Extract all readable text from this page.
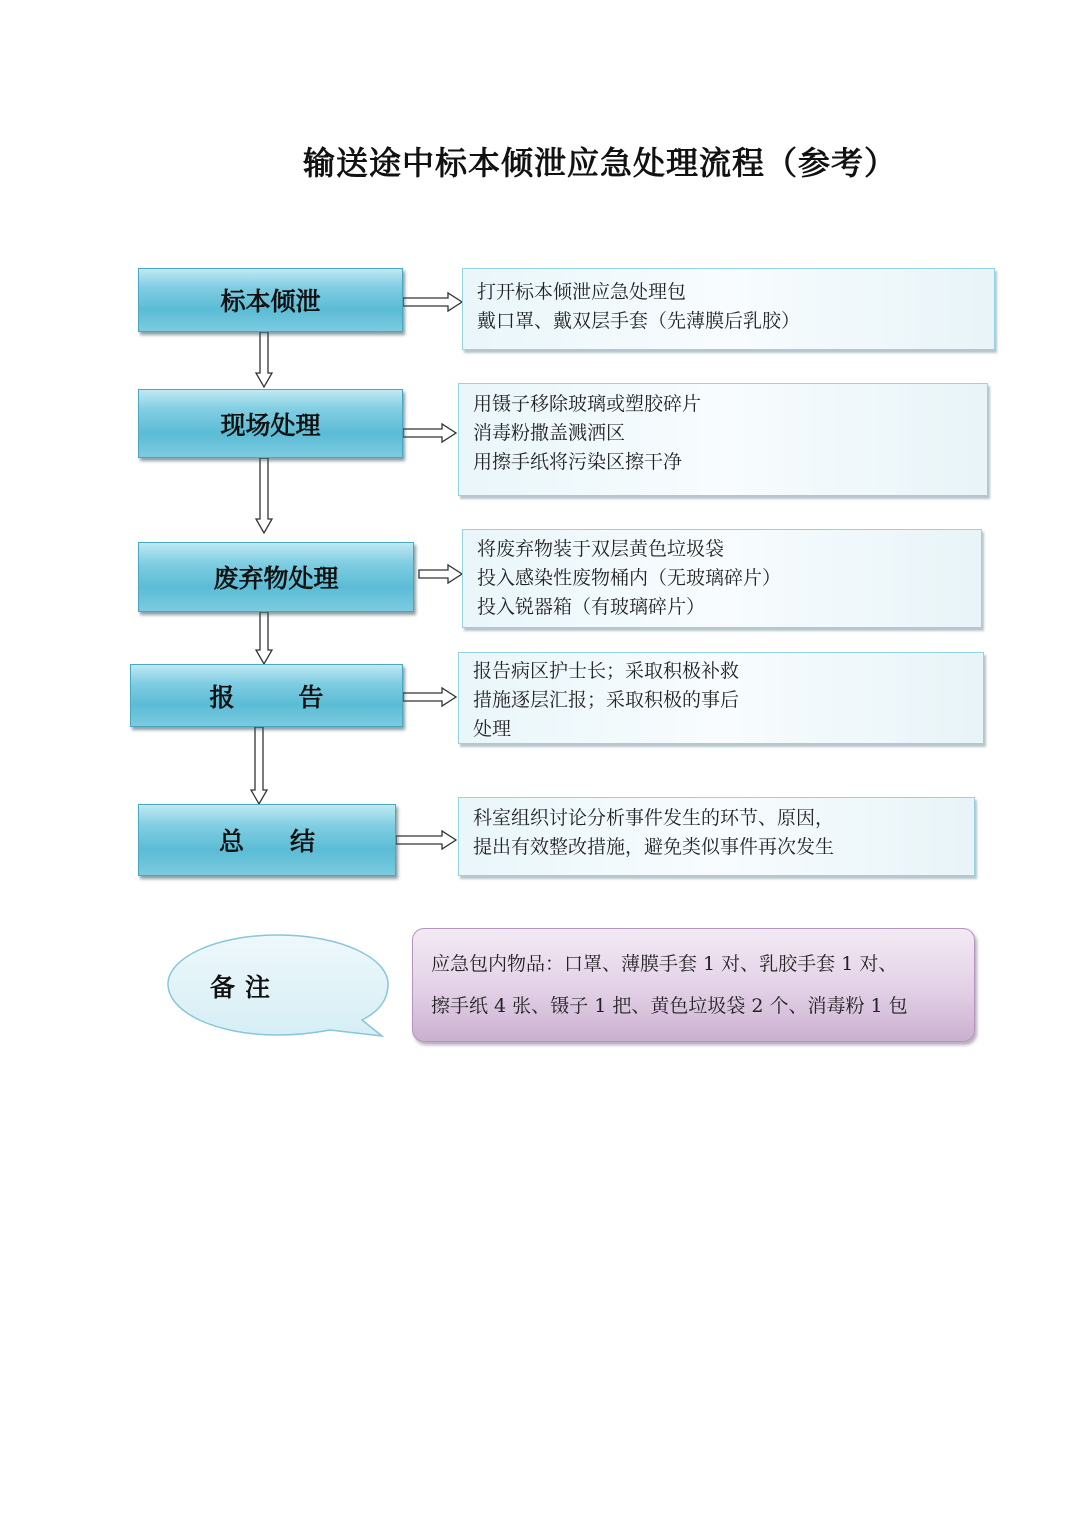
输送途中标本倾泄应急处理流程（参考）
标本倾泄
现场处理
废弃物处理
报	告
总 结
打开标本倾泄应急处理包
戴口罩、戴双层手套（先薄膜后乳胶）
用镊子移除玻璃或塑胶碎片
消毒粉撒盖溅洒区
用擦手纸将污染区擦干净
将废弃物装于双层黄色垃圾袋
投入感染性废物桶内（无玻璃碎片）
投入锐器箱（有玻璃碎片）
报告病区护士长；采取积极补救
措施逐层汇报；采取积极的事后
处理
科室组织讨论分析事件发生的环节、原因，
提出有效整改措施，避免类似事件再次发生
备注
应急包内物品：口罩、薄膜手套 1 对、乳胶手套 1 对、
擦手纸 4 张、镊子 1 把、黄色垃圾袋 2 个、消毒粉 1 包
